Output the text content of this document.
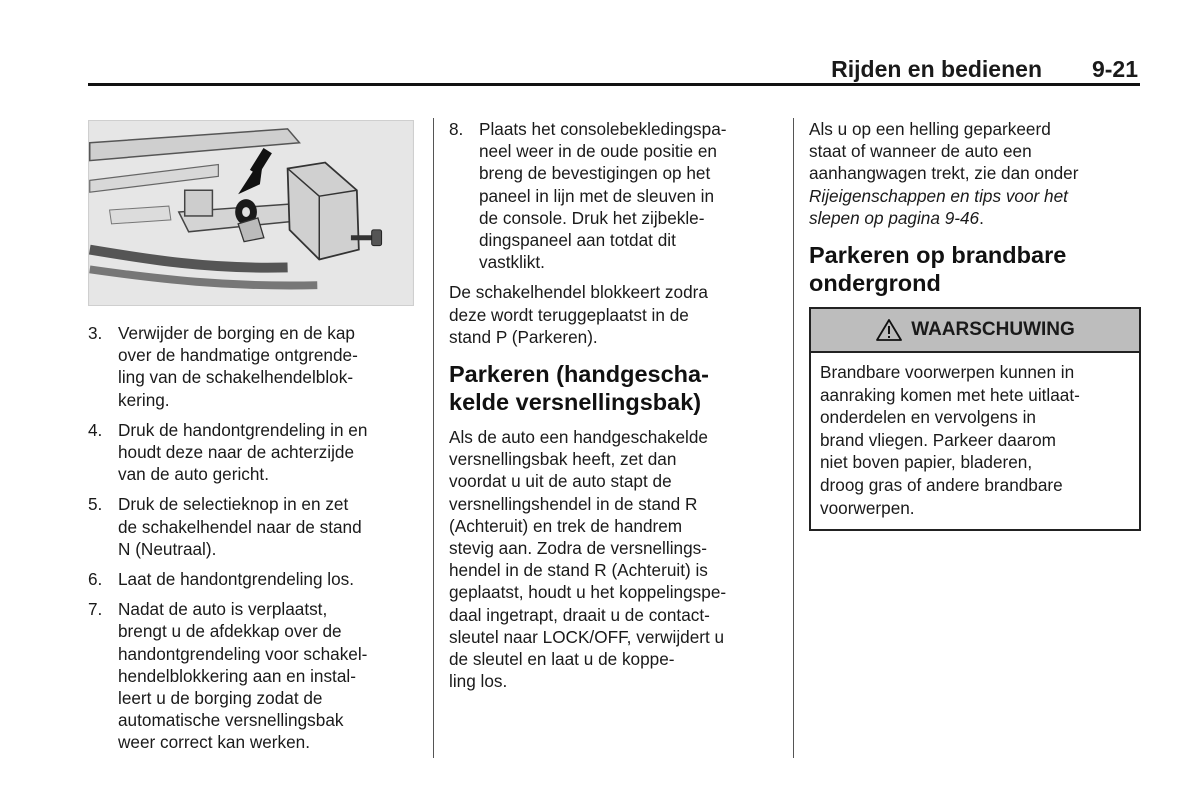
Rijden en bedienen 9-21
3. Verwijder de borging en de kap
over de handmatige ontgrende-
ling van de schakelhendelblok-
kering.
4. Druk de handontgrendeling in en
houdt deze naar de achterzijde
van de auto gericht.
5. Druk de selectieknop in en zet
de schakelhendel naar de stand
N (Neutraal).
6. Laat de handontgrendeling los.
7. Nadat de auto is verplaatst,
brengt u de afdekkap over de
handontgrendeling voor schakel-
hendelblokkering aan en instal-
leert u de borging zodat de
automatische versnellingsbak
weer correct kan werken.
8. Plaats het consolebekledingspa-
neel weer in de oude positie en
breng de bevestigingen op het
paneel in lijn met de sleuven in
de console. Druk het zijbekle-
dingspaneel aan totdat dit
vastklikt.

De schakelhendel blokkeert zodra
deze wordt teruggeplaatst in de
stand P (Parkeren).

Parkeren (handgescha-
kelde versnellingsbak)

Als de auto een handgeschakelde
versnellingsbak heeft, zet dan
voordat u uit de auto stapt de
versnellingshendel in de stand R
(Achteruit) en trek de handrem
stevig aan. Zodra de versnellings-
hendel in de stand R (Achteruit) is
geplaatst, houdt u het koppelingspe-
daal ingetrapt, draait u de contact-
sleutel naar LOCK/OFF, verwijdert u
de sleutel en laat u de koppe-
ling los.

Als u op een helling geparkeerd
staat of wanneer de auto een
aanhangwagen trekt, zie dan onder
Rijeigenschappen en tips voor het
slepen op pagina 9-46.

Parkeren op brandbare
ondergrond
WAARSCHUWING
Brandbare voorwerpen kunnen in
aanraking komen met hete uitlaat-
onderdelen en vervolgens in
brand vliegen. Parkeer daarom
niet boven papier, bladeren,
droog gras of andere brandbare
voorwerpen.
